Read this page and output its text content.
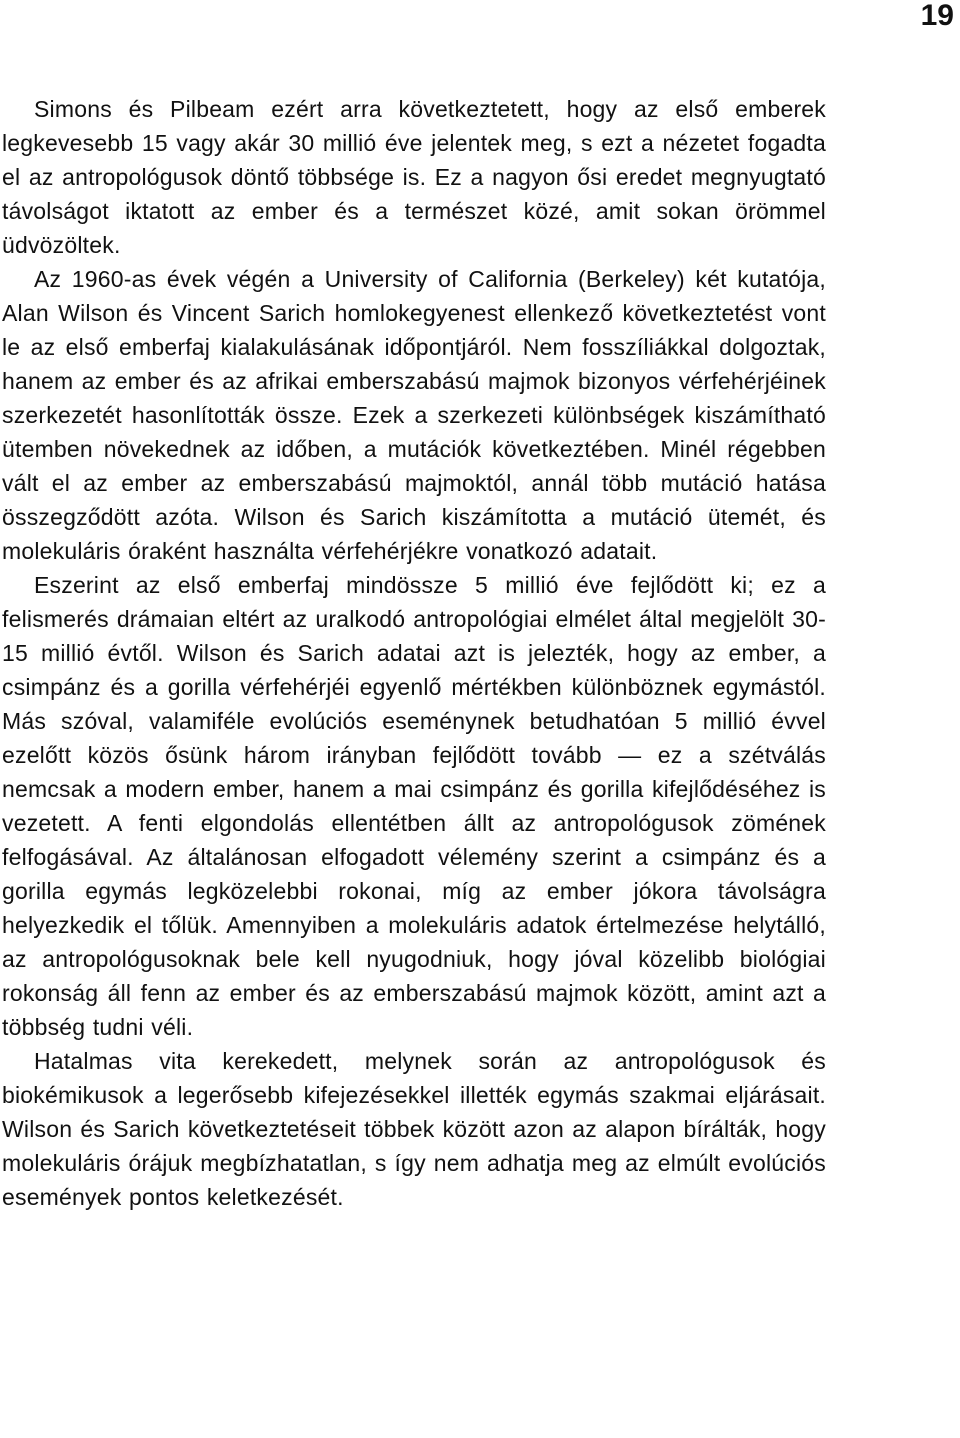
19

Simons és Pilbeam ezért arra következtetett, hogy az első emberek legkevesebb 15 vagy akár 30 millió éve jelentek meg, s ezt a nézetet fogadta el az antropológusok döntő többsége is. Ez a nagyon ősi eredet megnyugtató távolságot iktatott az ember és a természet közé, amit sokan örömmel üdvözöltek.

Az 1960-as évek végén a University of California (Berkeley) két kutatója, Alan Wilson és Vincent Sarich homlokegyenest ellenkező következtetést vont le az első emberfaj kialakulásának időpontjáról. Nem fosszíliákkal dolgoztak, hanem az ember és az afrikai emberszabású majmok bizonyos vérfehérjéinek szerkezetét hasonlították össze. Ezek a szerkezeti különbségek kiszámítható ütemben növekednek az időben, a mutációk következtében. Minél régebben vált el az ember az emberszabású majmoktól, annál több mutáció hatása összegződött azóta. Wilson és Sarich kiszámította a mutáció ütemét, és molekuláris óraként használta vérfehérjékre vonatkozó adatait.

Eszerint az első emberfaj mindössze 5 millió éve fejlődött ki; ez a felismerés drámaian eltért az uralkodó antropológiai elmélet által megjelölt 30-15 millió évtől. Wilson és Sarich adatai azt is jelezték, hogy az ember, a csimpánz és a gorilla vérfehérjéi egyenlő mértékben különböznek egymástól. Más szóval, valamiféle evolúciós eseménynek betudhatóan 5 millió évvel ezelőtt közös ősünk három irányban fejlődött tovább — ez a szétválás nemcsak a modern ember, hanem a mai csimpánz és gorilla kifejlődéséhez is vezetett. A fenti elgondolás ellentétben állt az antropológusok zömének felfogásával. Az általánosan elfogadott vélemény szerint a csimpánz és a gorilla egymás legközelebbi rokonai, míg az ember jókora távolságra helyezkedik el tőlük. Amennyiben a molekuláris adatok értelmezése helytálló, az antropológusoknak bele kell nyugodniuk, hogy jóval közelibb biológiai rokonság áll fenn az ember és az emberszabású majmok között, amint azt a többség tudni véli.

Hatalmas vita kerekedett, melynek során az antropológusok és biokémikusok a legerősebb kifejezésekkel illették egymás szakmai eljárásait. Wilson és Sarich következtetéseit többek között azon az alapon bírálták, hogy molekuláris órájuk megbízhatatlan, s így nem adhatja meg az elmúlt evolúciós események pontos keletkezését.
